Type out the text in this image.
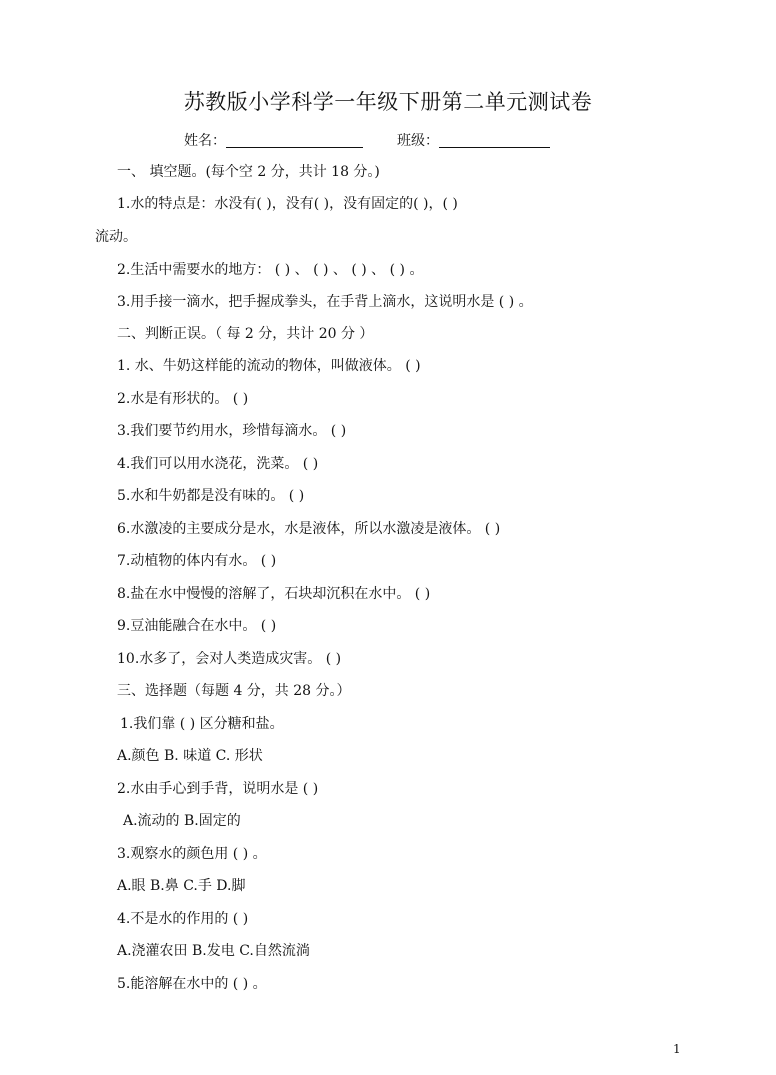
苏教版小学科学一年级下册第二单元测试卷
姓名：	班级：
一、 填空题。(每个空 2 分，共计 18 分。)
1.水的特点是：水没有( )，没有( )，没有固定的( )，( )
流动。
2.生活中需要水的地方： ( ) 、 ( ) 、 ( ) 、 ( ) 。
3.用手接一滴水，把手握成拳头，在手背上滴水，这说明水是 ( ) 。
二、判断正误。（ 每 2 分，共计 20 分 ）
1. 水、牛奶这样能的流动的物体，叫做液体。 ( )
2.水是有形状的。 ( )
3.我们要节约用水，珍惜每滴水。 ( )
4.我们可以用水浇花，洗菜。 ( )
5.水和牛奶都是没有味的。 ( )
6.水激凌的主要成分是水，水是液体，所以水激凌是液体。 ( )
7.动植物的体内有水。 ( )
8.盐在水中慢慢的溶解了，石块却沉积在水中。 ( )
9.豆油能融合在水中。 ( )
10.水多了，会对人类造成灾害。 ( )
三、选择题（每题 4 分，共 28 分。）
1.我们靠 ( ) 区分糖和盐。
A.颜色 B. 味道 C. 形状
2.水由手心到手背，说明水是 ( )
A.流动的 B.固定的
3.观察水的颜色用 ( ) 。
A.眼 B.鼻 C.手 D.脚
4.不是水的作用的 ( )
A.浇灌农田 B.发电 C.自然流淌
5.能溶解在水中的 ( ) 。
1
